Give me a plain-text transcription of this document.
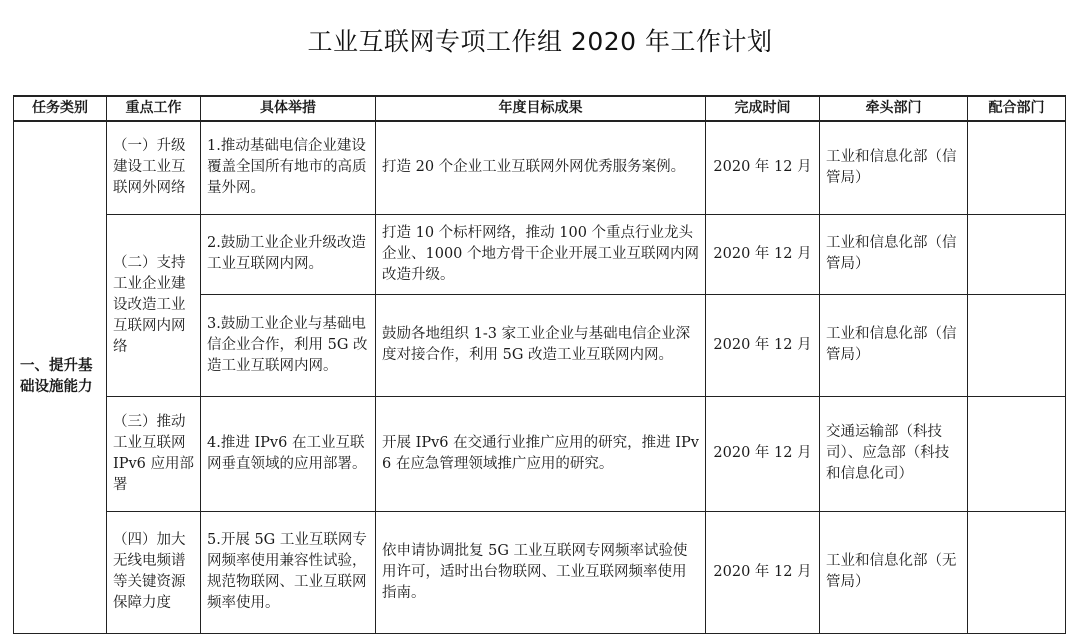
工业互联网专项工作组 2020 年工作计划
任务类别	重点工作	具体举措	年度目标成果	完成时间	牵头部门	配合部门
一、提升基础设施能力	（一）升级建设工业互联网外网络	1.推动基础电信企业建设覆盖全国所有地市的高质量外网。	打造 20 个企业工业互联网外网优秀服务案例。	2020 年 12 月	工业和信息化部（信管局）	
	（二）支持工业企业建设改造工业互联网内网络	2.鼓励工业企业升级改造工业互联网内网。	打造 10 个标杆网络，推动 100 个重点行业龙头企业、1000 个地方骨干企业开展工业互联网内网改造升级。	2020 年 12 月	工业和信息化部（信管局）	
		3.鼓励工业企业与基础电信企业合作，利用 5G 改造工业互联网内网。	鼓励各地组织 1-3 家工业企业与基础电信企业深度对接合作，利用 5G 改造工业互联网内网。	2020 年 12 月	工业和信息化部（信管局）	
	（三）推动工业互联网 IPv6 应用部署	4.推进 IPv6 在工业互联网垂直领域的应用部署。	开展 IPv6 在交通行业推广应用的研究，推进 IPv6 在应急管理领域推广应用的研究。	2020 年 12 月	交通运输部（科技司）、应急部（科技和信息化司）	
	（四）加大无线电频谱等关键资源保障力度	5.开展 5G 工业互联网专网频率使用兼容性试验，规范物联网、工业互联网频率使用。	依申请协调批复 5G 工业互联网专网频率试验使用许可，适时出台物联网、工业互联网频率使用指南。	2020 年 12 月	工业和信息化部（无管局）	
